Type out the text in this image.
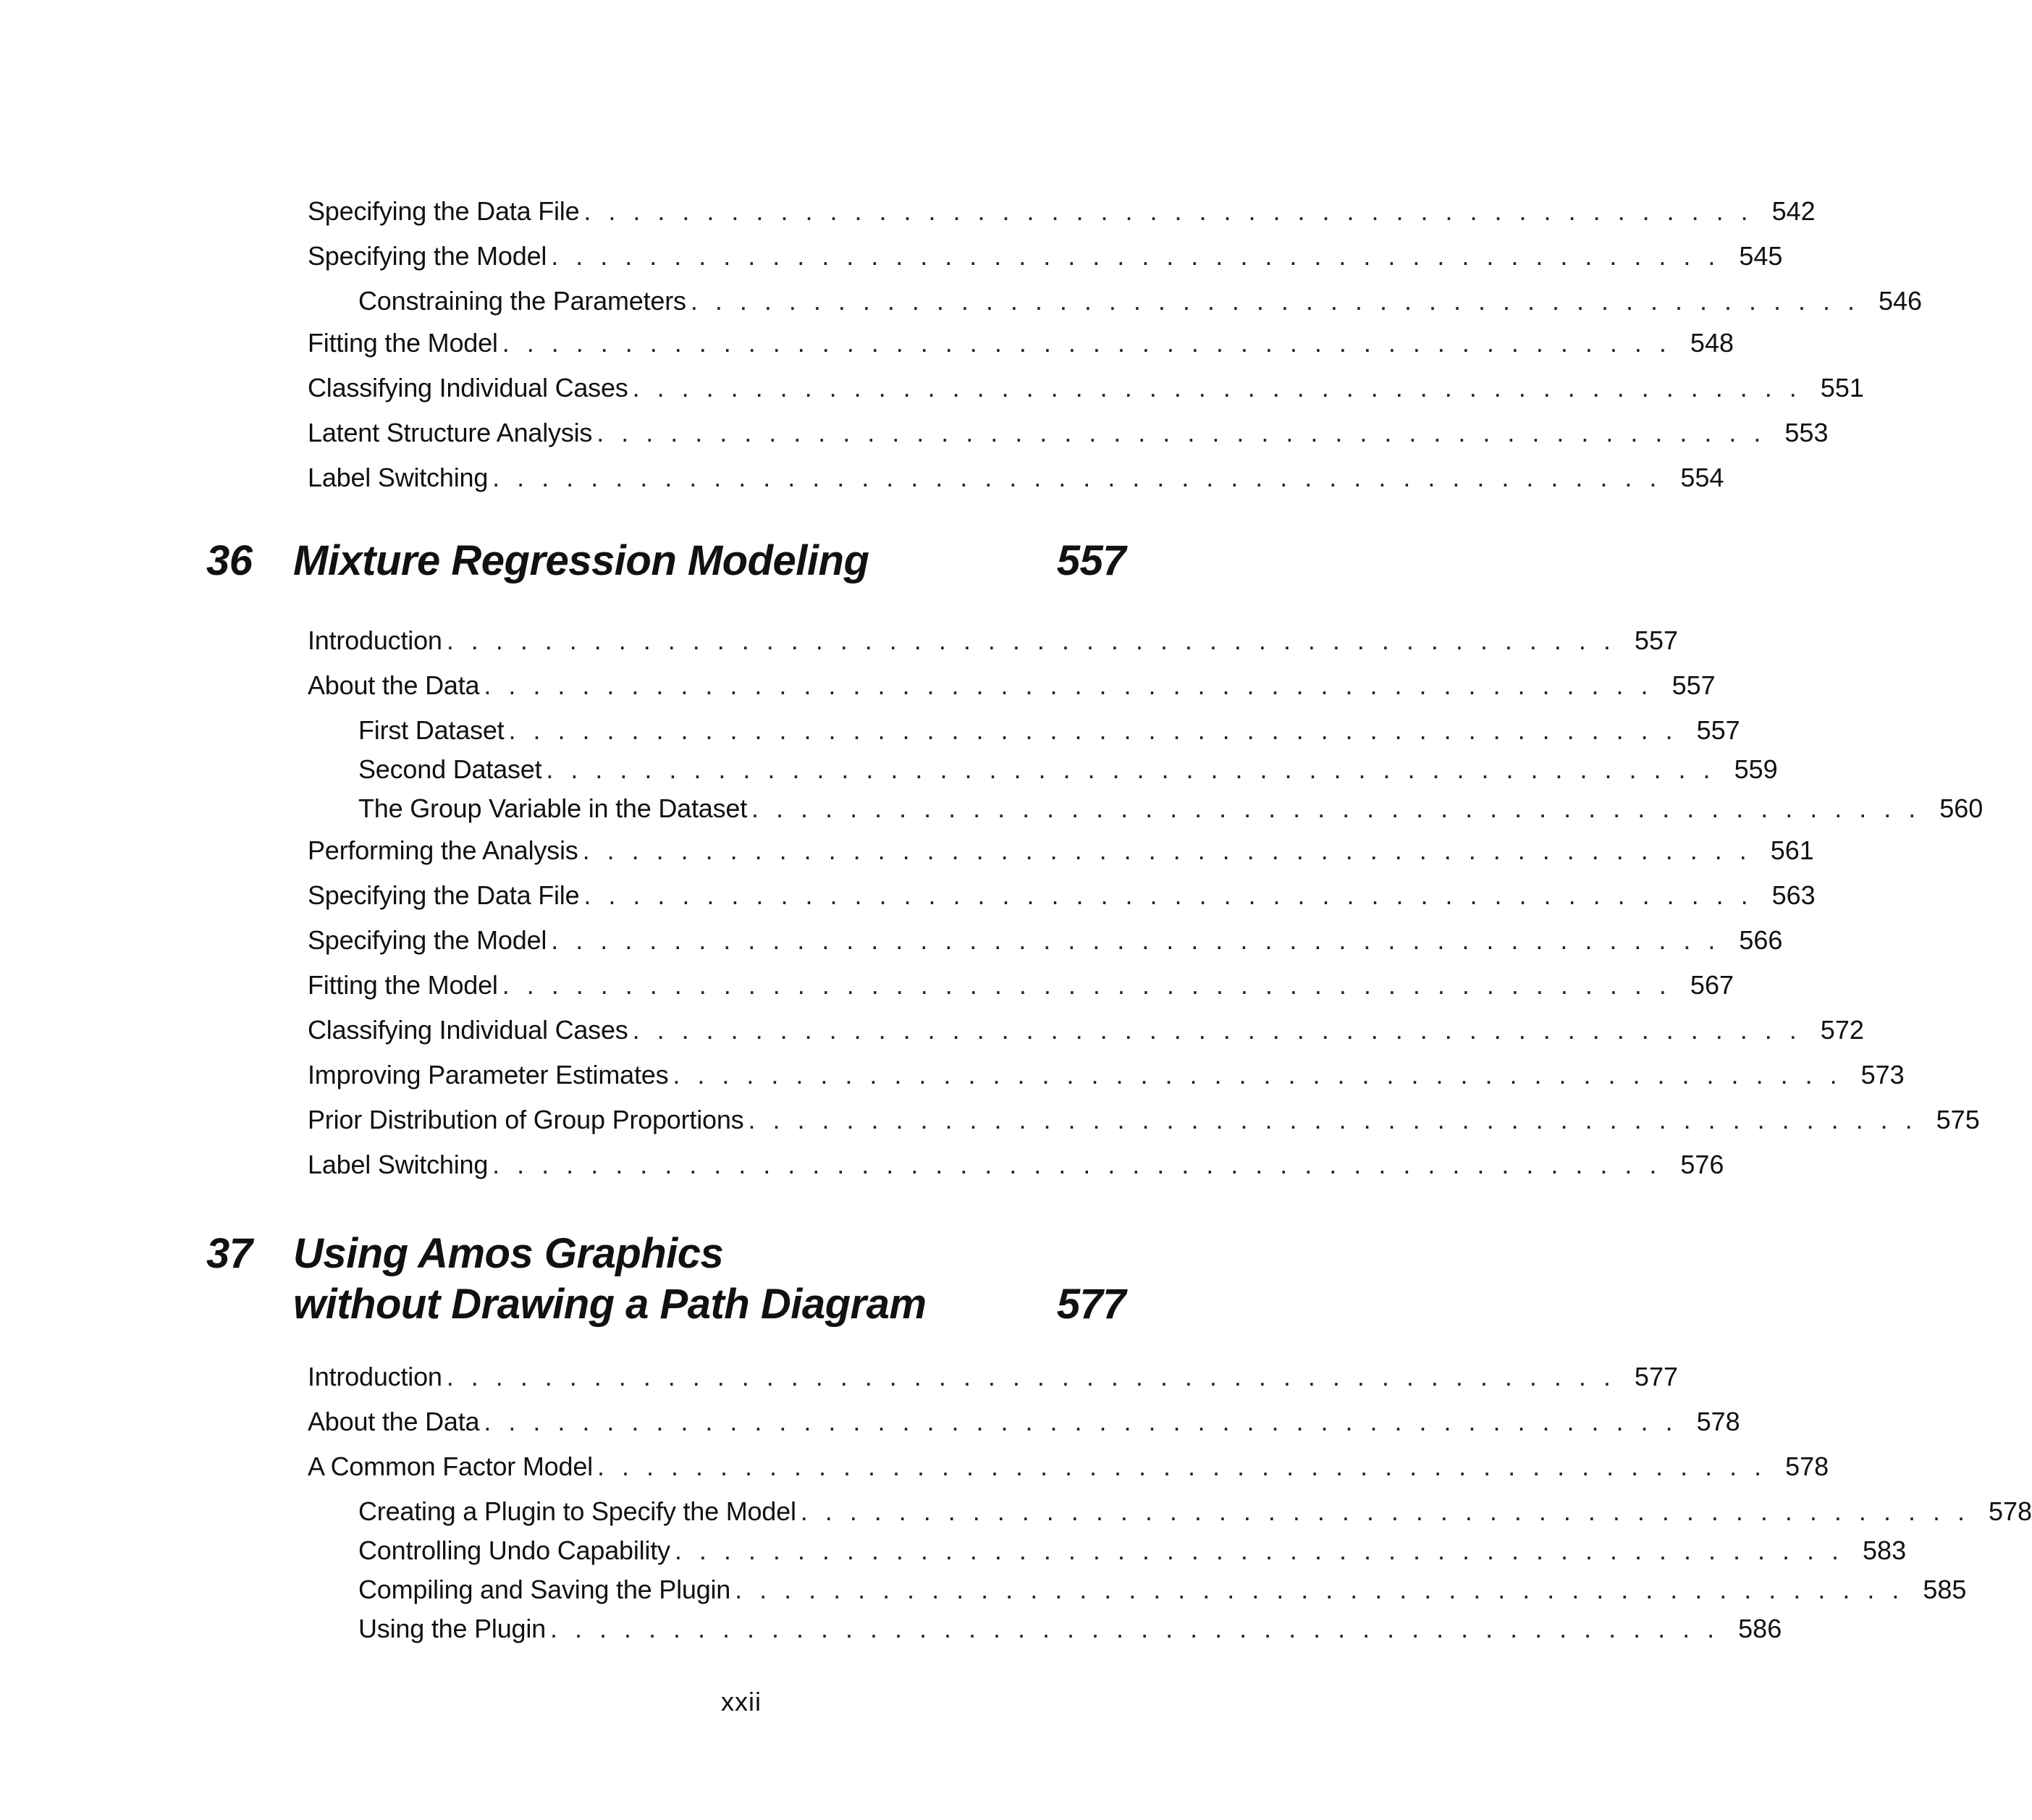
Specifying the Data File . . . . . . . . . . . . . . . . . . . . . . . . . . . . . . . . . . . . . . . . . . . . . . . . 542
Specifying the Model . . . . . . . . . . . . . . . . . . . . . . . . . . . . . . . . . . . . . . . . . . . . . . . . 545
Constraining the Parameters . . . . . . . . . . . . . . . . . . . . . . . . . . . . . . . . . . . . . . . . . . . . . . . . 546
Fitting the Model . . . . . . . . . . . . . . . . . . . . . . . . . . . . . . . . . . . . . . . . . . . . . . . . 548
Classifying Individual Cases . . . . . . . . . . . . . . . . . . . . . . . . . . . . . . . . . . . . . . . . . . . . . . . . 551
Latent Structure Analysis . . . . . . . . . . . . . . . . . . . . . . . . . . . . . . . . . . . . . . . . . . . . . . . . 553
Label Switching . . . . . . . . . . . . . . . . . . . . . . . . . . . . . . . . . . . . . . . . . . . . . . . . 554
36 Mixture Regression Modeling	557
Introduction . . . . . . . . . . . . . . . . . . . . . . . . . . . . . . . . . . . . . . . . . . . . . . . . 557
About the Data . . . . . . . . . . . . . . . . . . . . . . . . . . . . . . . . . . . . . . . . . . . . . . . . 557
First Dataset . . . . . . . . . . . . . . . . . . . . . . . . . . . . . . . . . . . . . . . . . . . . . . . . 557
Second Dataset . . . . . . . . . . . . . . . . . . . . . . . . . . . . . . . . . . . . . . . . . . . . . . . . 559
The Group Variable in the Dataset . . . . . . . . . . . . . . . . . . . . . . . . . . . . . . . . . . . . . . . . . . . . . . . . 560
Performing the Analysis . . . . . . . . . . . . . . . . . . . . . . . . . . . . . . . . . . . . . . . . . . . . . . . . 561
Specifying the Data File . . . . . . . . . . . . . . . . . . . . . . . . . . . . . . . . . . . . . . . . . . . . . . . . 563
Specifying the Model . . . . . . . . . . . . . . . . . . . . . . . . . . . . . . . . . . . . . . . . . . . . . . . . 566
Fitting the Model . . . . . . . . . . . . . . . . . . . . . . . . . . . . . . . . . . . . . . . . . . . . . . . . 567
Classifying Individual Cases . . . . . . . . . . . . . . . . . . . . . . . . . . . . . . . . . . . . . . . . . . . . . . . . 572
Improving Parameter Estimates . . . . . . . . . . . . . . . . . . . . . . . . . . . . . . . . . . . . . . . . . . . . . . . . 573
Prior Distribution of Group Proportions . . . . . . . . . . . . . . . . . . . . . . . . . . . . . . . . . . . . . . . . . . . . . . . . 575
Label Switching . . . . . . . . . . . . . . . . . . . . . . . . . . . . . . . . . . . . . . . . . . . . . . . . 576
37 Using Amos Graphics
without Drawing a Path Diagram	577
Introduction . . . . . . . . . . . . . . . . . . . . . . . . . . . . . . . . . . . . . . . . . . . . . . . . 577
About the Data . . . . . . . . . . . . . . . . . . . . . . . . . . . . . . . . . . . . . . . . . . . . . . . . . 578
A Common Factor Model . . . . . . . . . . . . . . . . . . . . . . . . . . . . . . . . . . . . . . . . . . . . . . . . 578
Creating a Plugin to Specify the Model . . . . . . . . . . . . . . . . . . . . . . . . . . . . . . . . . . . . . . . . . . . . . . . . 578
Controlling Undo Capability . . . . . . . . . . . . . . . . . . . . . . . . . . . . . . . . . . . . . . . . . . . . . . . . 583
Compiling and Saving the Plugin . . . . . . . . . . . . . . . . . . . . . . . . . . . . . . . . . . . . . . . . . . . . . . . . 585
Using the Plugin . . . . . . . . . . . . . . . . . . . . . . . . . . . . . . . . . . . . . . . . . . . . . . . . 586
xxii
